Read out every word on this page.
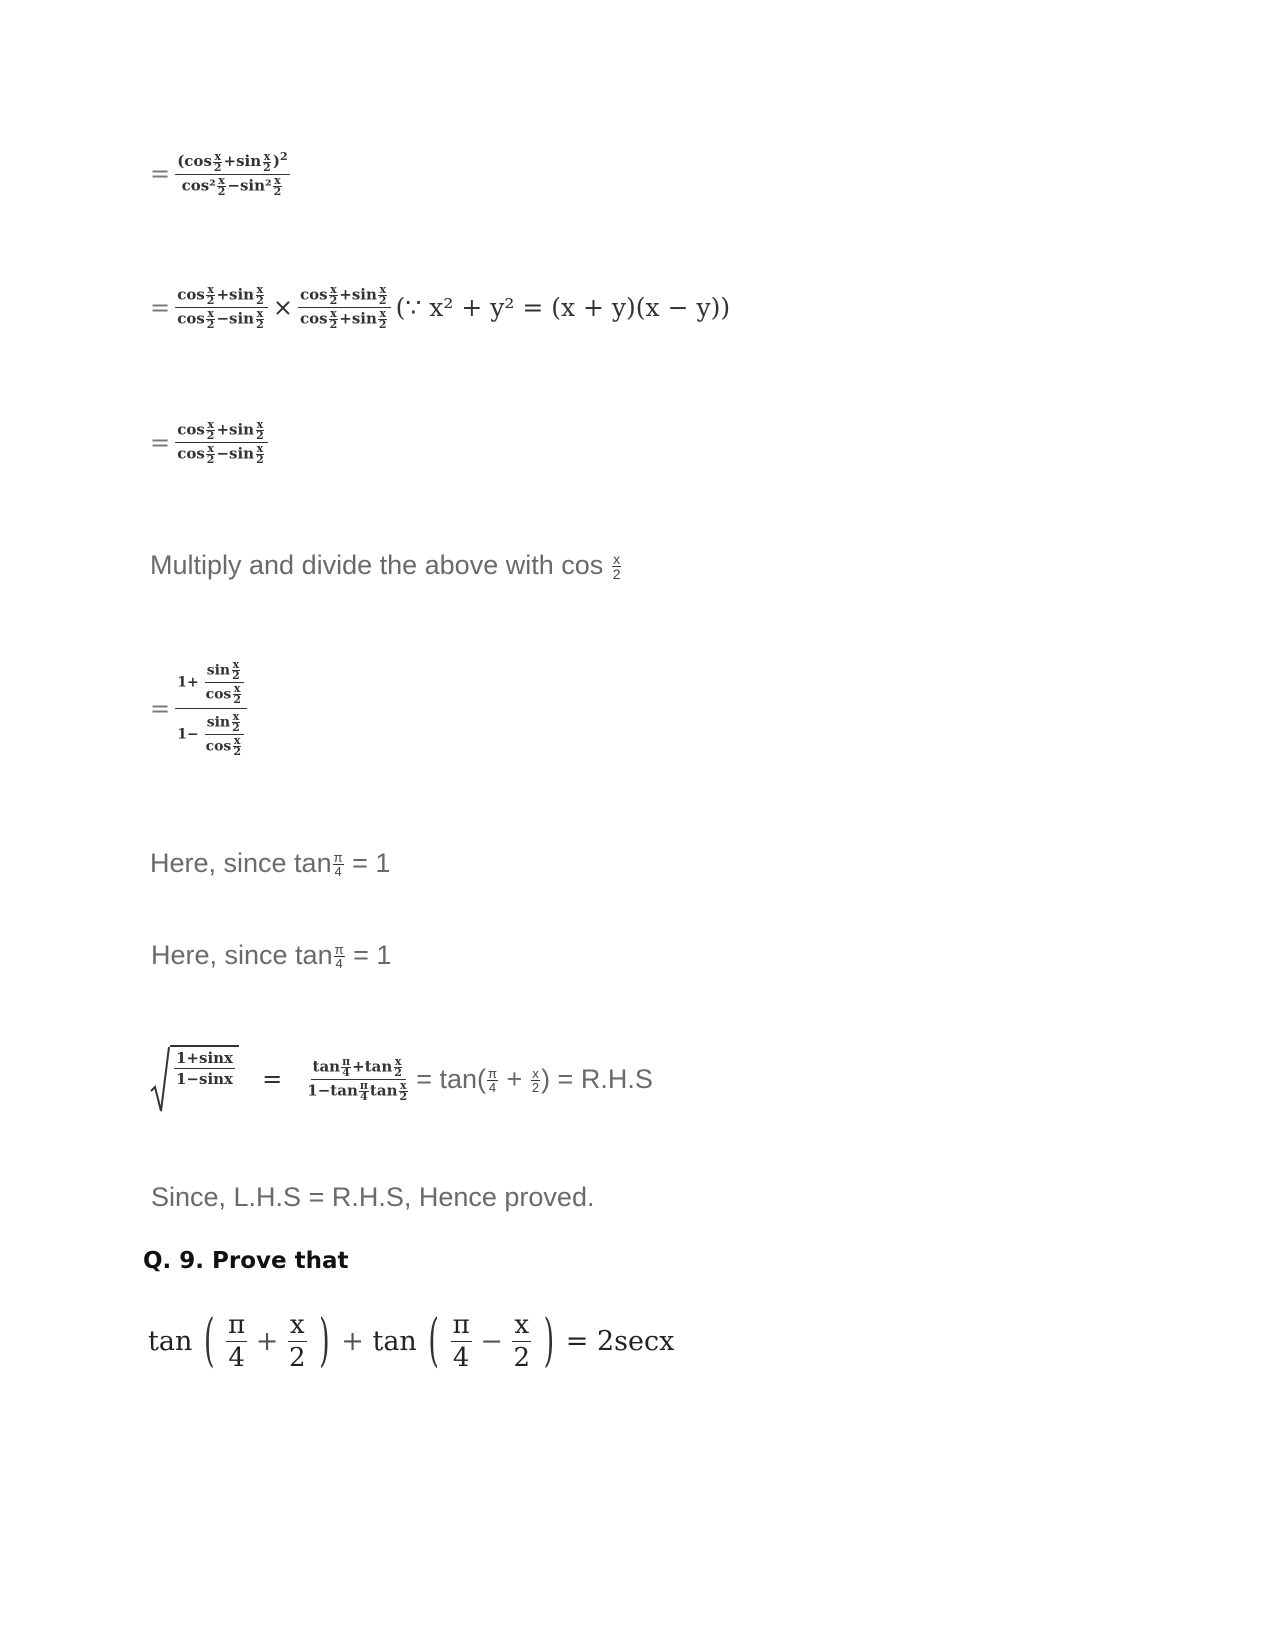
= $\frac{(\cos \frac{x}{2} +\sin \frac{x}{2} )^2}{\cos^2 \frac{x}{2} -\sin^2 \frac{x}{2}}$
= $\frac{\cos \frac{x}{2} +\sin \frac{x}{2}}{\cos \frac{x}{2} -\sin \frac{x}{2}} \times \frac{\cos \frac{x}{2} +\sin \frac{x}{2}}{\cos \frac{x}{2} +\sin \frac{x}{2}}$ (∵ x² + y² = (x + y)(x − y))
= $\frac{\cos \frac{x}{2} +\sin \frac{x}{2}}{\cos \frac{x}{2} -\sin \frac{x}{2}}$
Multiply and divide the above with $\cos \frac{x}{2}$
= $\frac{1+ \frac{\sin \frac{x}{2}}{\cos \frac{x}{2}}}{1- \frac{\sin \frac{x}{2}}{\cos \frac{x}{2}}}$
Here, since $\tan \frac{\pi}{4} = 1$
Here, since $\tan \frac{\pi}{4} = 1$
$\frac{1+\sin x}{1-\sin x} = \frac{\tan \frac{\pi}{4} +\tan \frac{x}{2}}{1-\tan \frac{\pi}{4} \tan \frac{x}{2}} = \tan( \frac{\pi}{4} + \frac{x}{2}$ ) = R.H.S
Since, L.H.S = R.H.S, Hence proved.
Q. 9. Prove that
tan ( $\frac{\pi}{4} + \frac{x}{2}$ ) + tan ( $\frac{\pi}{4} - \frac{x}{2}$ ) = 2secx
